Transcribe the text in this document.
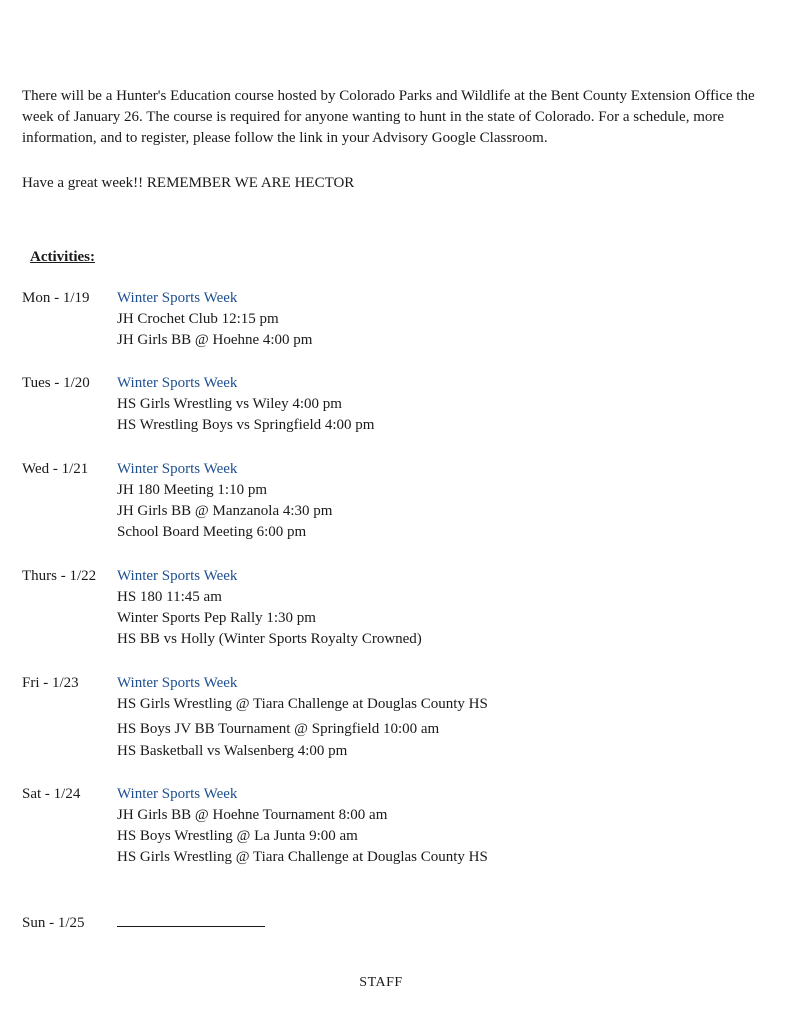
There will be a Hunter's Education course hosted by Colorado Parks and Wildlife at the Bent County Extension Office the week of January 26. The course is required for anyone wanting to hunt in the state of Colorado. For a schedule, more information, and to register, please follow the link in your Advisory Google Classroom.

Have a great week!! REMEMBER WE ARE HECTOR

Activities:
Mon - 1/19 Winter Sports Week
JH Crochet Club 12:15 pm
JH Girls BB @ Hoehne 4:00 pm
Tues - 1/20 Winter Sports Week
HS Girls Wrestling vs Wiley 4:00 pm
HS Wrestling Boys vs Springfield 4:00 pm
Wed - 1/21 Winter Sports Week
JH 180 Meeting 1:10 pm
JH Girls BB @ Manzanola 4:30 pm
School Board Meeting 6:00 pm
Thurs - 1/22 Winter Sports Week
HS 180 11:45 am
Winter Sports Pep Rally 1:30 pm
HS BB vs Holly (Winter Sports Royalty Crowned)
Fri - 1/23	Winter Sports Week
HS Girls Wrestling @ Tiara Challenge at Douglas County HS
HS Boys JV BB Tournament @ Springfield 10:00 am
HS Basketball vs Walsenberg 4:00 pm
Sat - 1/24 Winter Sports Week
JH Girls BB @ Hoehne Tournament 8:00 am
HS Boys Wrestling @ La Junta 9:00 am
HS Girls Wrestling @ Tiara Challenge at Douglas County HS
Sun - 1/25
STAFF
